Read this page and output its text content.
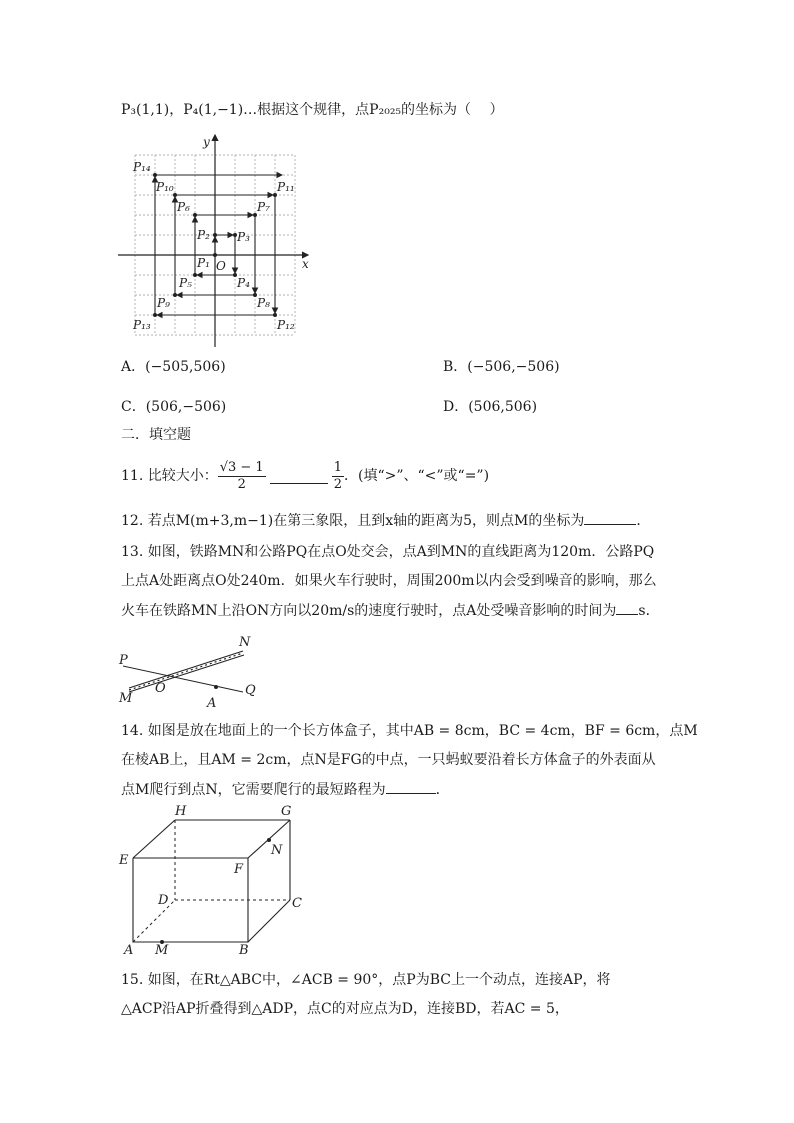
P₃(1,1)，P₄(1,−1)…根据这个规律，点P₂₀₂₅的坐标为（　 ）
y
x
O
P₁
P₂ P₃
P₄
P₅
P₆	P₇
P₈
P₉
P₁₀	P₁₁
P₁₂
P₁₃
P₁₄
A．(−505,506)	B．(−506,−506)
C．(506,−506)	D．(506,506)
二．填空题
11. 比较大小： $\frac{√3 - 1}{2}$	$\frac{1}{2}$ ．(填“>”、“<”或“=”)
12. 若点M(m+3,m−1)在第三象限，且到x轴的距离为5，则点M的坐标为	．
13. 如图，铁路MN和公路PQ在点O处交会，点A到MN的直线距离为120m．公路PQ
上点A处距离点O处240m．如果火车行驶时，周围200m以内会受到噪音的影响，那么
火车在铁路MN上沿ON方向以20m/s的速度行驶时，点A处受噪音影响的时间为 s．
P
N
M
O
A
Q
14. 如图是放在地面上的一个长方体盒子，其中AB = 8cm，BC = 4cm，BF = 6cm，点M
在棱AB上，且AM = 2cm，点N是FG的中点，一只蚂蚁要沿着长方体盒子的外表面从
点M爬行到点N，它需要爬行的最短路程为	．
H	G
E
N
F
D	C
A M	B
15. 如图，在Rt△ABC中，∠ACB = 90°，点P为BC上一个动点，连接AP，将
△ACP沿AP折叠得到△ADP，点C的对应点为D，连接BD，若AC = 5，
